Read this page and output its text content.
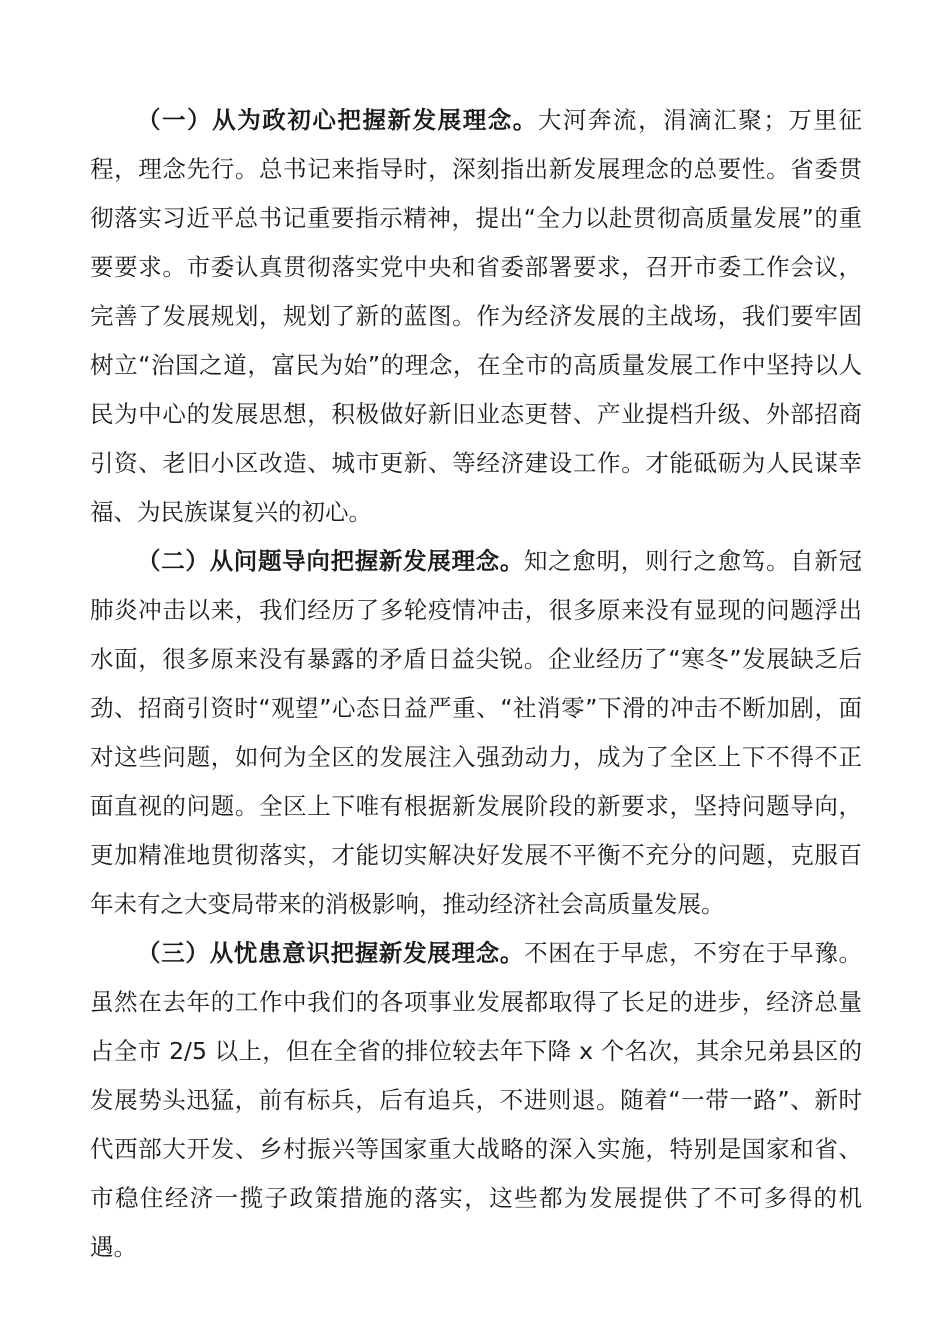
（一）从为政初心把握新发展理念。大河奔流，涓滴汇聚；万里征程，理念先行。总书记来指导时，深刻指出新发展理念的总要性。省委贯彻落实习近平总书记重要指示精神，提出“全力以赴贯彻高质量发展”的重要要求。市委认真贯彻落实党中央和省委部署要求，召开市委工作会议，完善了发展规划，规划了新的蓝图。作为经济发展的主战场，我们要牢固树立“治国之道，富民为始”的理念，在全市的高质量发展工作中坚持以人民为中心的发展思想，积极做好新旧业态更替、产业提档升级、外部招商引资、老旧小区改造、城市更新、等经济建设工作。才能砥砺为人民谋幸福、为民族谋复兴的初心。

（二）从问题导向把握新发展理念。知之愈明，则行之愈笃。自新冠肺炎冲击以来，我们经历了多轮疫情冲击，很多原来没有显现的问题浮出水面，很多原来没有暴露的矛盾日益尖锐。企业经历了“寒冬”发展缺乏后劲、招商引资时“观望”心态日益严重、“社消零”下滑的冲击不断加剧，面对这些问题，如何为全区的发展注入强劲动力，成为了全区上下不得不正面直视的问题。全区上下唯有根据新发展阶段的新要求，坚持问题导向，更加精准地贯彻落实，才能切实解决好发展不平衡不充分的问题，克服百年未有之大变局带来的消极影响，推动经济社会高质量发展。

（三）从忧患意识把握新发展理念。不困在于早虑，不穷在于早豫。虽然在去年的工作中我们的各项事业发展都取得了长足的进步，经济总量占全市 2/5 以上，但在全省的排位较去年下降 x 个名次，其余兄弟县区的发展势头迅猛，前有标兵，后有追兵，不进则退。随着“一带一路”、新时代西部大开发、乡村振兴等国家重大战略的深入实施，特别是国家和省、市稳住经济一揽子政策措施的落实，这些都为发展提供了不可多得的机遇。
